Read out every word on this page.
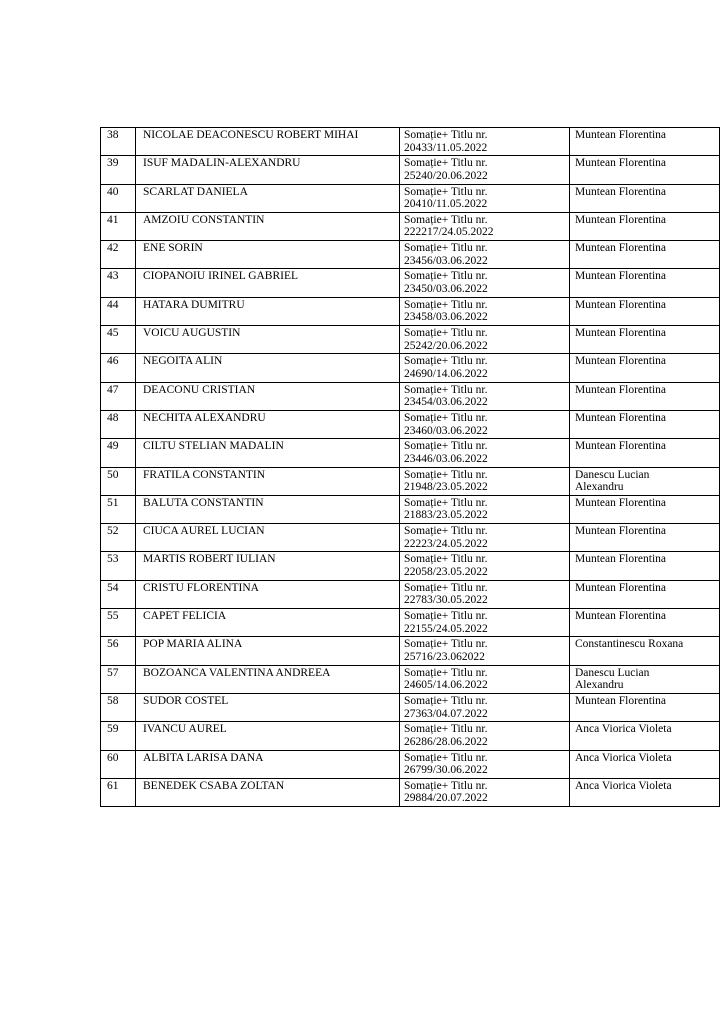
38	NICOLAE DEACONESCU ROBERT MIHAI	Somație+ Titlu nr.
20433/11.05.2022	Muntean Florentina

39	ISUF MADALIN-ALEXANDRU	Somație+ Titlu nr.
25240/20.06.2022	Muntean Florentina

40	SCARLAT DANIELA	Somație+ Titlu nr.
20410/11.05.2022	Muntean Florentina

41	AMZOIU CONSTANTIN	Somație+ Titlu nr.
222217/24.05.2022	Muntean Florentina

42	ENE SORIN	Somație+ Titlu nr.
23456/03.06.2022	Muntean Florentina

43	CIOPANOIU IRINEL GABRIEL	Somație+ Titlu nr.
23450/03.06.2022	Muntean Florentina

44	HATARA DUMITRU	Somație+ Titlu nr.
23458/03.06.2022	Muntean Florentina

45	VOICU AUGUSTIN	Somație+ Titlu nr.
25242/20.06.2022	Muntean Florentina

46	NEGOITA ALIN	Somație+ Titlu nr.
24690/14.06.2022	Muntean Florentina

47	DEACONU CRISTIAN	Somație+ Titlu nr.
23454/03.06.2022	Muntean Florentina

48	NECHITA ALEXANDRU	Somație+ Titlu nr.
23460/03.06.2022	Muntean Florentina

49	CILTU STELIAN MADALIN	Somație+ Titlu nr.
23446/03.06.2022	Muntean Florentina

50	FRATILA CONSTANTIN	Somație+ Titlu nr.
21948/23.05.2022	Danescu Lucian
Alexandru

51	BALUTA CONSTANTIN	Somație+ Titlu nr.
21883/23.05.2022	Muntean Florentina

52	CIUCA AUREL LUCIAN	Somație+ Titlu nr.
22223/24.05.2022	Muntean Florentina

53	MARTIS ROBERT IULIAN	Somație+ Titlu nr.
22058/23.05.2022	Muntean Florentina

54	CRISTU FLORENTINA	Somație+ Titlu nr.
22783/30.05.2022	Muntean Florentina

55	CAPET FELICIA	Somație+ Titlu nr.
22155/24.05.2022	Muntean Florentina

56	POP MARIA ALINA	Somație+ Titlu nr.
25716/23.062022	Constantinescu Roxana

57	BOZOANCA VALENTINA ANDREEA	Somație+ Titlu nr.
24605/14.06.2022	Danescu Lucian
Alexandru

58	SUDOR COSTEL	Somație+ Titlu nr.
27363/04.07.2022	Muntean Florentina

59	IVANCU AUREL	Somație+ Titlu nr.
26286/28.06.2022	Anca Viorica Violeta

60	ALBITA LARISA DANA	Somație+ Titlu nr.
26799/30.06.2022	Anca Viorica Violeta

61	BENEDEK CSABA ZOLTAN	Somație+ Titlu nr.
29884/20.07.2022	Anca Viorica Violeta
